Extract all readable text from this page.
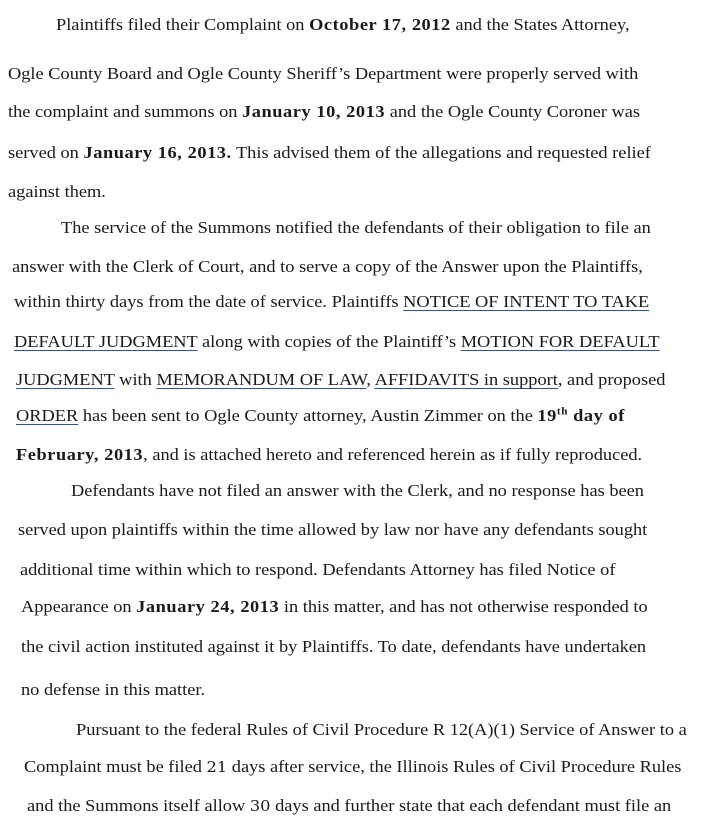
Plaintiffs filed their Complaint on October 17, 2012 and the States Attorney,
Ogle County Board and Ogle County Sheriff’s Department were properly served with
the complaint and summons on January 10, 2013 and the Ogle County Coroner was
served on January 16, 2013. This advised them of the allegations and requested relief
against them.
The service of the Summons notified the defendants of their obligation to file an
answer with the Clerk of Court, and to serve a copy of the Answer upon the Plaintiffs,
within thirty days from the date of service. Plaintiffs NOTICE OF INTENT TO TAKE
DEFAULT JUDGMENT along with copies of the Plaintiff’s MOTION FOR DEFAULT
JUDGMENT with MEMORANDUM OF LAW, AFFIDAVITS in support, and proposed
ORDER has been sent to Ogle County attorney, Austin Zimmer on the 19th day of
February, 2013, and is attached hereto and referenced herein as if fully reproduced.
Defendants have not filed an answer with the Clerk, and no response has been
served upon plaintiffs within the time allowed by law nor have any defendants sought
additional time within which to respond. Defendants Attorney has filed Notice of
Appearance on January 24, 2013 in this matter, and has not otherwise responded to
the civil action instituted against it by Plaintiffs. To date, defendants have undertaken
no defense in this matter.
Pursuant to the federal Rules of Civil Procedure R 12(A)(1) Service of Answer to a
Complaint must be filed 21 days after service, the Illinois Rules of Civil Procedure Rules
and the Summons itself allow 30 days and further state that each defendant must file an
